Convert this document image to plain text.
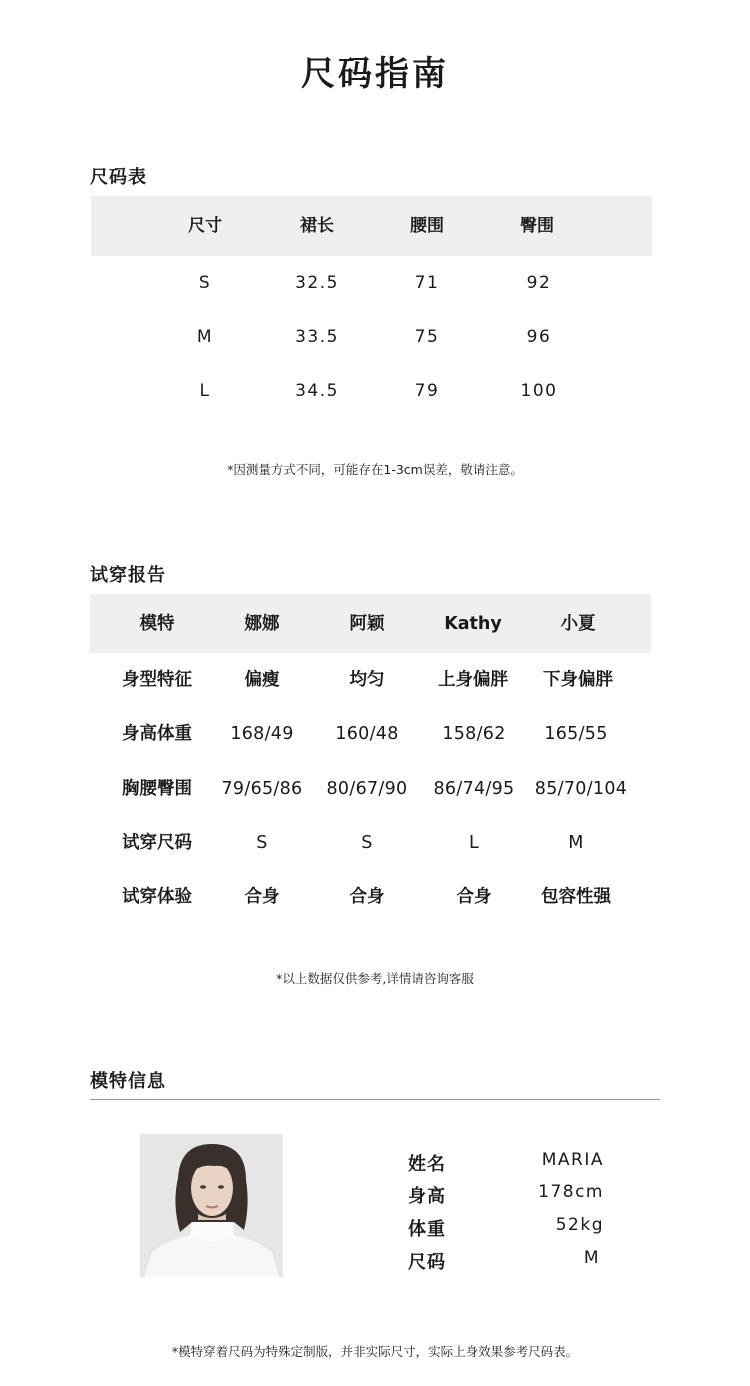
尺码指南
尺码表
尺寸	裙长	腰围	臀围
S	32.5	71	92
M	33.5	75	96
L	34.5	79	100
*因测量方式不同，可能存在1-3cm误差，敬请注意。
试穿报告
模特	娜娜	阿颖	Kathy	小夏
身型特征	偏瘦	均匀	上身偏胖	下身偏胖
身高体重	168/49	160/48	158/62	165/55
胸腰臀围	79/65/86	80/67/90	86/74/95	85/70/104
试穿尺码	S	S	L	M
试穿体验	合身	合身	合身	包容性强
*以上数据仅供参考,详情请咨询客服
模特信息
姓名	MARIA
身高	178cm
体重	52kg
尺码	M
*模特穿着尺码为特殊定制版，并非实际尺寸，实际上身效果参考尺码表。
